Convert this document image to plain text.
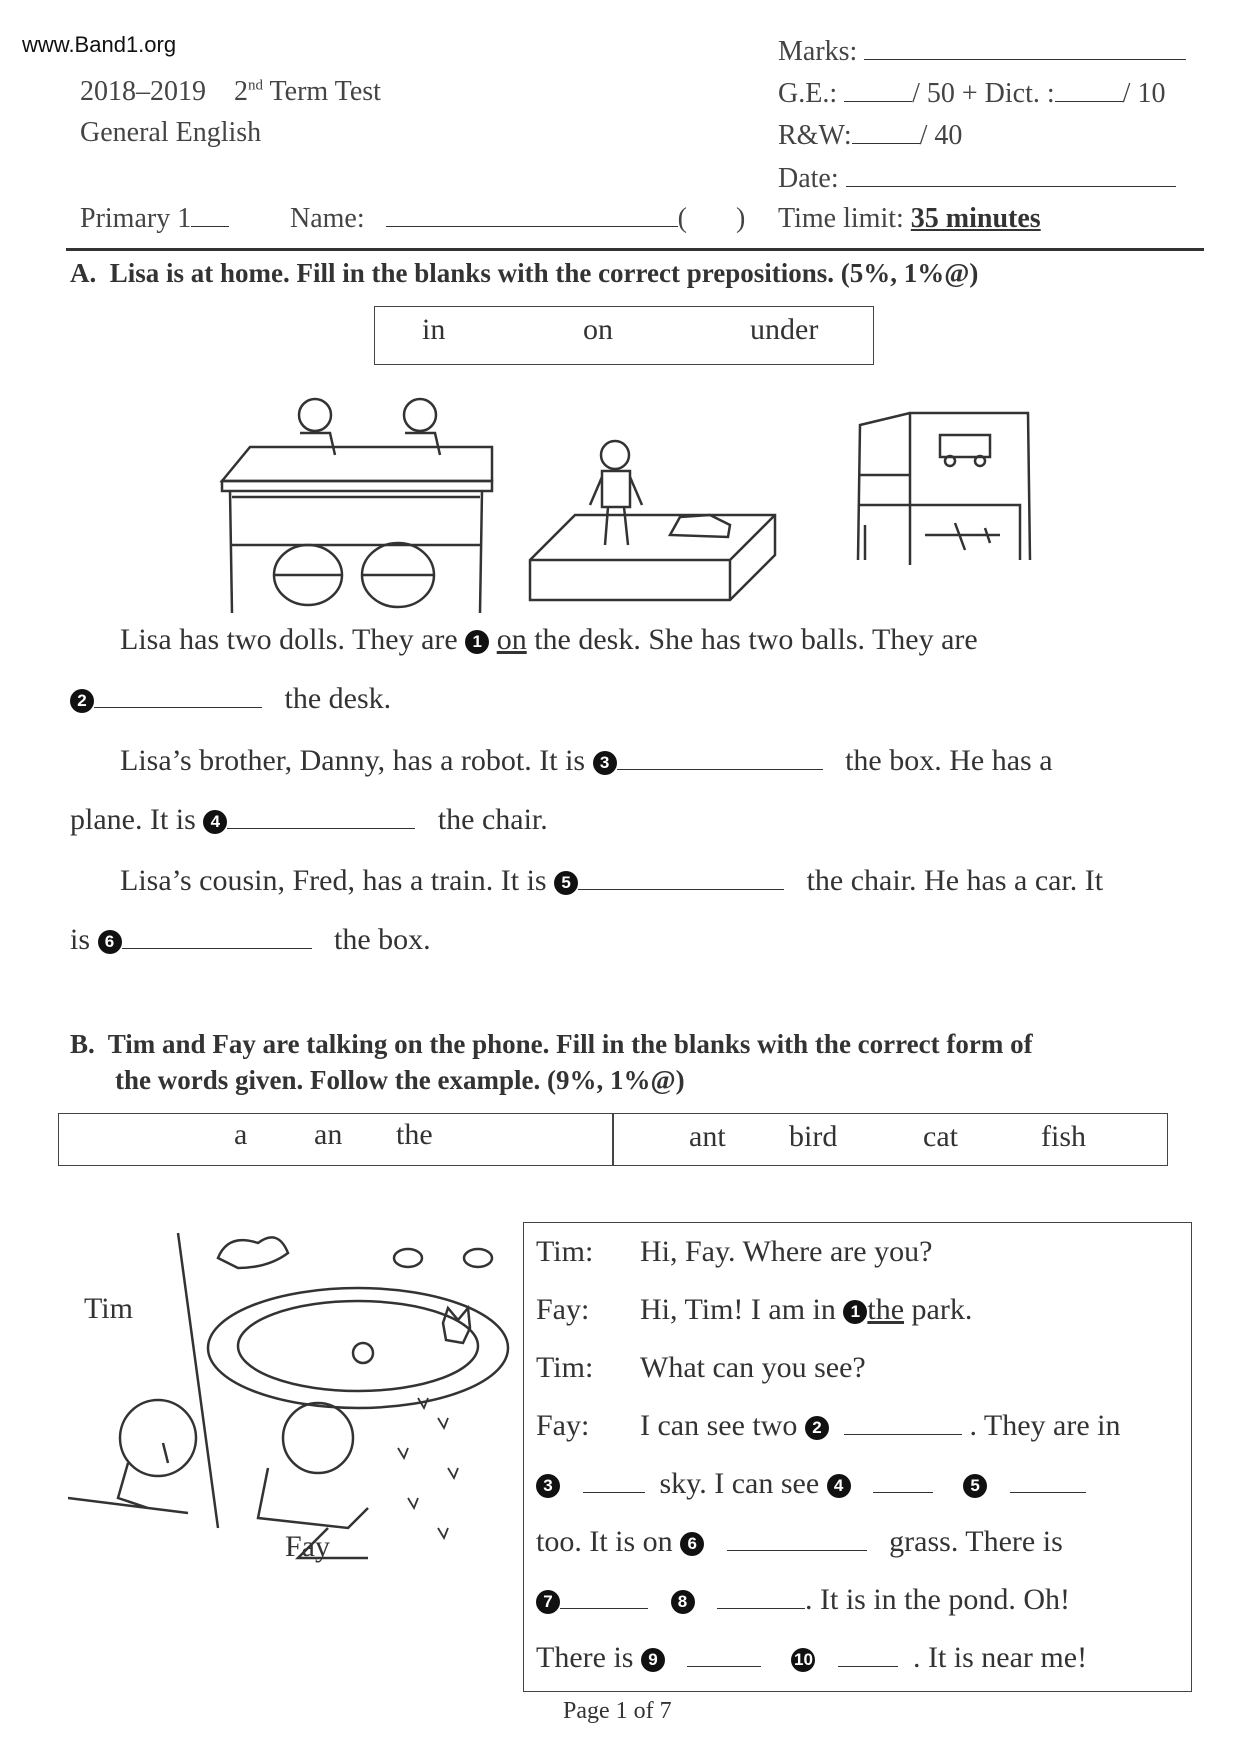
www.Band1.org
2018–2019 2nd Term Test
General English
Primary 1	Name:	(       )
Marks:
G.E.:	/ 50 + Dict. : / 10
R&W: / 40
Date:
Time limit: 35 minutes
A. Lisa is at home. Fill in the blanks with the correct prepositions. (5%, 1%@)
in	on	under
Lisa has two dolls. They are 1 on the desk. She has two balls. They are
2	the desk.
Lisa’s brother, Danny, has a robot. It is 3	the box. He has a
plane. It is 4	the chair.
Lisa’s cousin, Fred, has a train. It is 5	the chair. He has a car. It
is 6	the box.
B. Tim and Fay are talking on the phone. Fill in the blanks with the correct form of
the words given. Follow the example. (9%, 1%@)
a an the	ant bird	cat	fish
Tim
Fay
Tim: Hi, Fay. Where are you?
Fay: Hi, Tim! I am in 1 the park.
Tim: What can you see?
Fay: I can see two 2	. They are in
3	sky. I can see 4	5
too. It is on 6	grass. There is
7	8	. It is in the pond. Oh!
There is 9	10	. It is near me!
Page 1 of 7
